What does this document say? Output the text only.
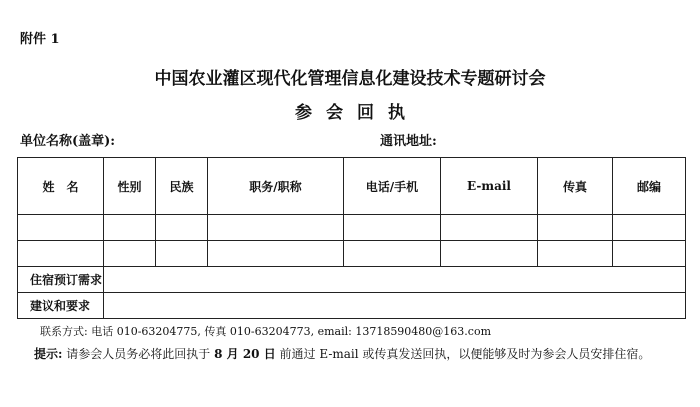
附件 1
中国农业灌区现代化管理信息化建设技术专题研讨会
参会回执
单位名称(盖章):	通讯地址:
姓　名	性别	民族	职务/职称	电话/手机	E-mail	传真	邮编

住宿预订需求							
建议和要求							
联系方式: 电话 010-63204775, 传真 010-63204773, email: 13718590480@163.com
提示: 请参会人员务必将此回执于 8 月 20 日 前通过 E-mail 或传真发送回执，以便能够及时为参会人员安排住宿。
